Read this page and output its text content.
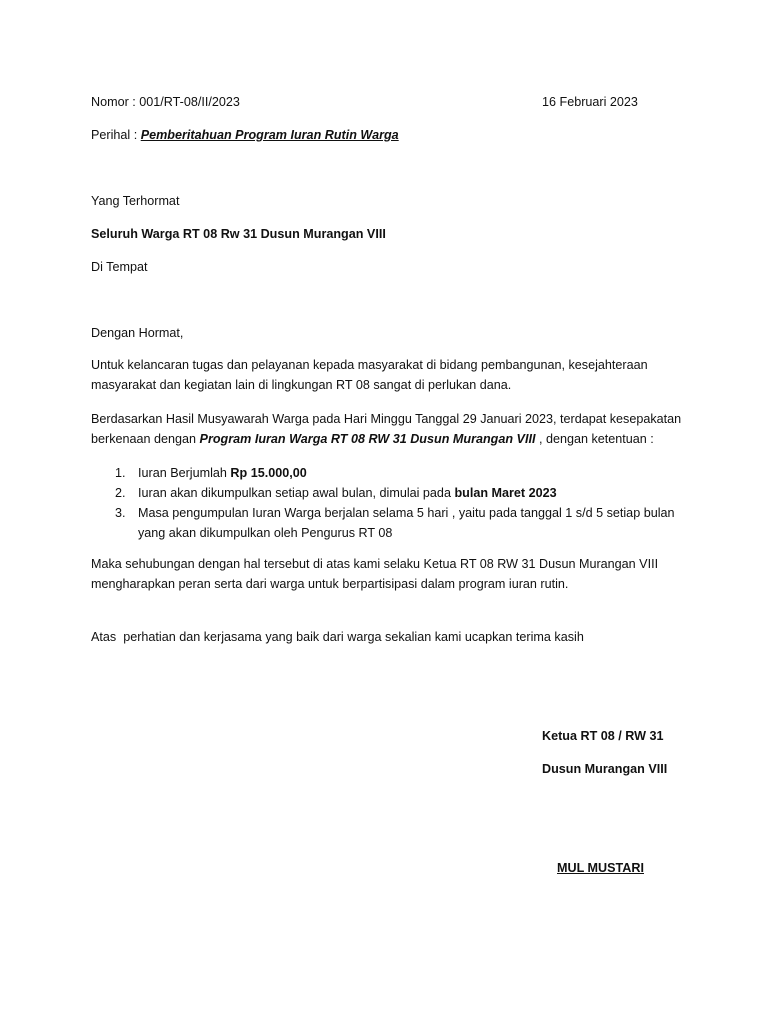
Nomor : 001/RT-08/II/2023	16 Februari 2023
Perihal : Pemberitahuan Program Iuran Rutin Warga
Yang Terhormat
Seluruh Warga RT 08 Rw 31 Dusun Murangan VIII
Di Tempat
Dengan Hormat,
Untuk kelancaran tugas dan pelayanan kepada masyarakat di bidang pembangunan, kesejahteraan
masyarakat dan kegiatan lain di lingkungan RT 08 sangat di perlukan dana.
Berdasarkan Hasil Musyawarah Warga pada Hari Minggu Tanggal 29 Januari 2023, terdapat kesepakatan
berkenaan dengan Program Iuran Warga RT 08 RW 31 Dusun Murangan VIII , dengan ketentuan :
1. Iuran Berjumlah Rp 15.000,00
2. Iuran akan dikumpulkan setiap awal bulan, dimulai pada bulan Maret 2023
3. Masa pengumpulan Iuran Warga berjalan selama 5 hari , yaitu pada tanggal 1 s/d 5 setiap bulan
yang akan dikumpulkan oleh Pengurus RT 08
Maka sehubungan dengan hal tersebut di atas kami selaku Ketua RT 08 RW 31 Dusun Murangan VIII
mengharapkan peran serta dari warga untuk berpartisipasi dalam program iuran rutin.
Atas  perhatian dan kerjasama yang baik dari warga sekalian kami ucapkan terima kasih
Ketua RT 08 / RW 31
Dusun Murangan VIII
MUL MUSTARI
